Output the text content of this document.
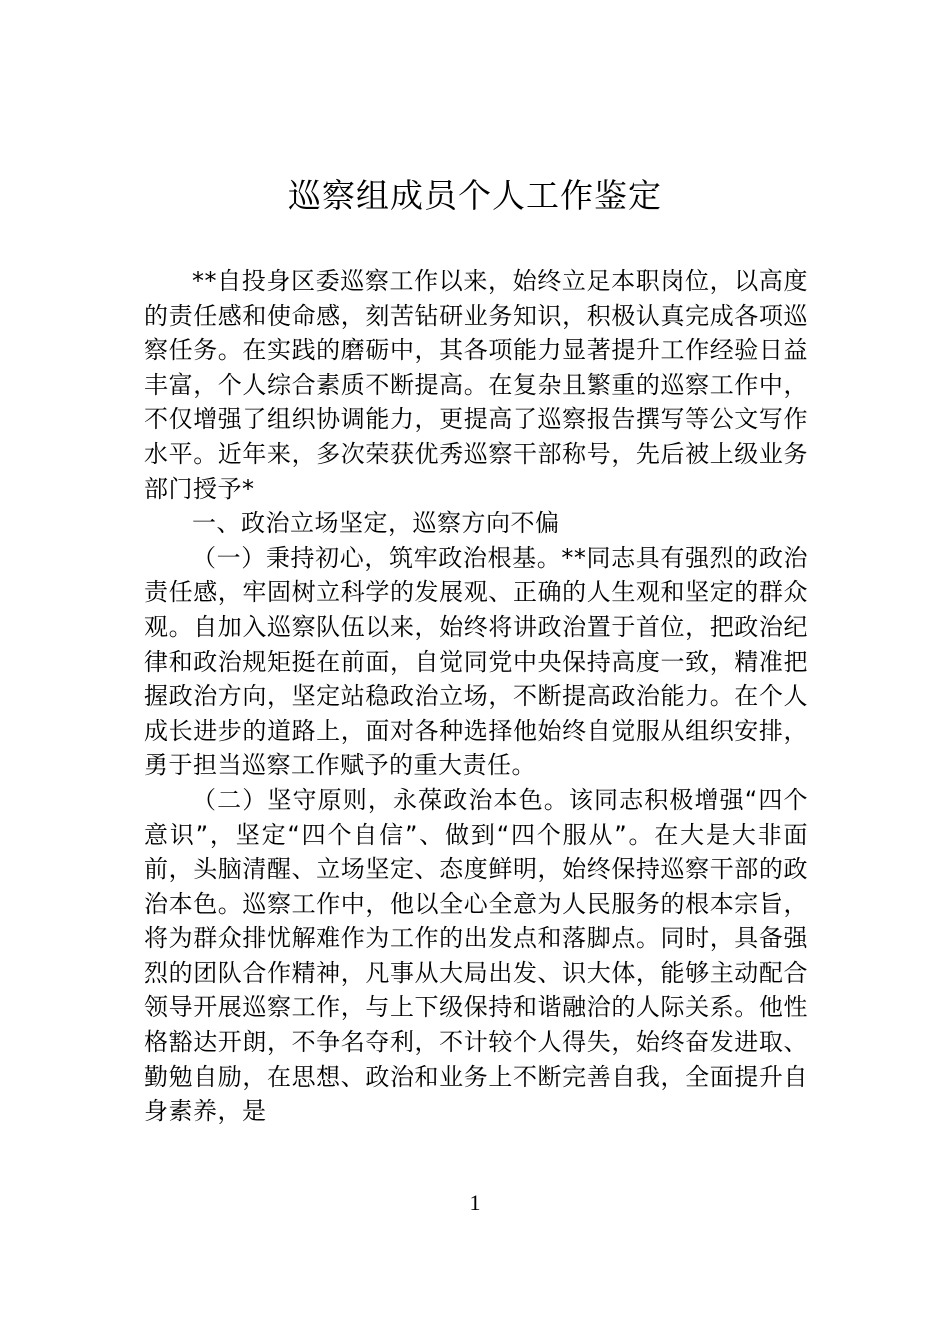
巡察组成员个人工作鉴定

**自投身区委巡察工作以来，始终立足本职岗位，以高度的责任感和使命感，刻苦钻研业务知识，积极认真完成各项巡察任务。在实践的磨砺中，其各项能力显著提升工作经验日益丰富，个人综合素质不断提高。在复杂且繁重的巡察工作中，不仅增强了组织协调能力，更提高了巡察报告撰写等公文写作水平。近年来，多次荣获优秀巡察干部称号，先后被上级业务部门授予*

一、政治立场坚定，巡察方向不偏

（一）秉持初心，筑牢政治根基。**同志具有强烈的政治责任感，牢固树立科学的发展观、正确的人生观和坚定的群众观。自加入巡察队伍以来，始终将讲政治置于首位，把政治纪律和政治规矩挺在前面，自觉同党中央保持高度一致，精准把握政治方向，坚定站稳政治立场，不断提高政治能力。在个人成长进步的道路上，面对各种选择他始终自觉服从组织安排，勇于担当巡察工作赋予的重大责任。

（二）坚守原则，永葆政治本色。该同志积极增强“四个意识”，坚定“四个自信”、做到“四个服从”。在大是大非面前，头脑清醒、立场坚定、态度鲜明，始终保持巡察干部的政治本色。巡察工作中，他以全心全意为人民服务的根本宗旨，将为群众排忧解难作为工作的出发点和落脚点。同时，具备强烈的团队合作精神，凡事从大局出发、识大体，能够主动配合领导开展巡察工作，与上下级保持和谐融洽的人际关系。他性格豁达开朗，不争名夺利，不计较个人得失，始终奋发进取、勤勉自励，在思想、政治和业务上不断完善自我，全面提升自身素养，是

1
